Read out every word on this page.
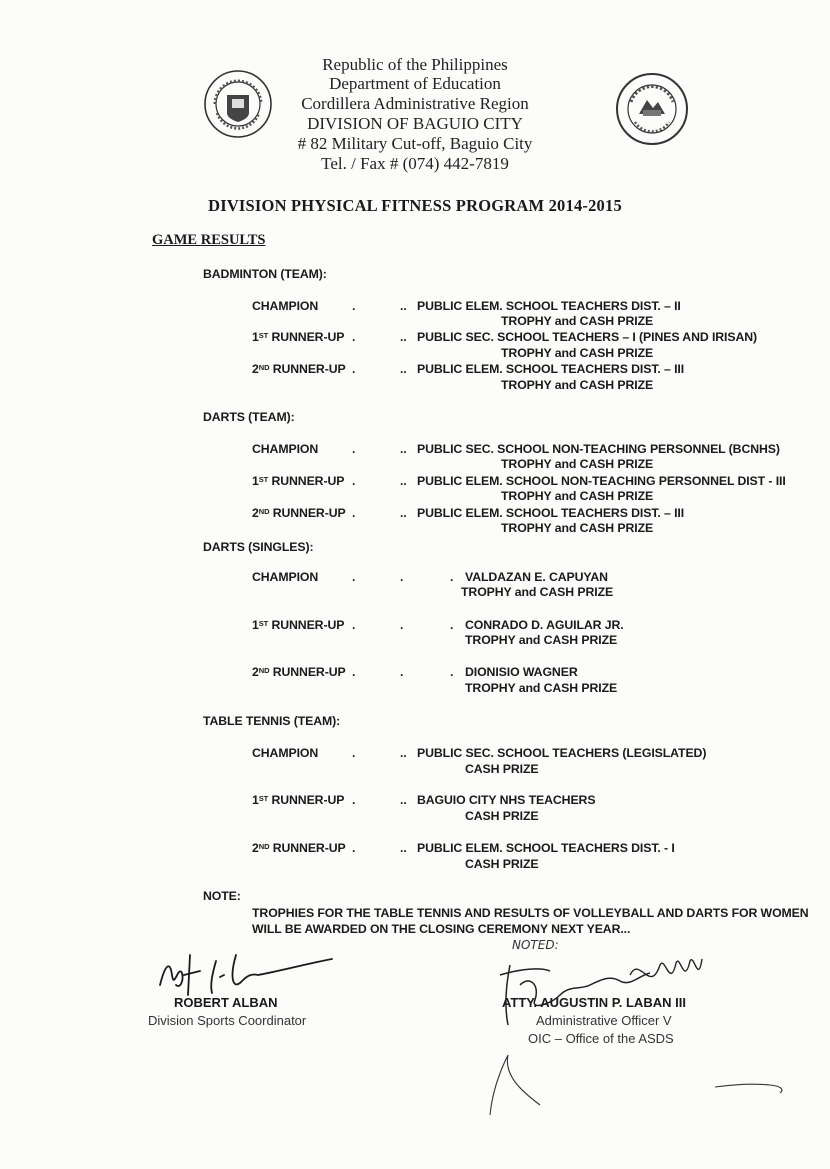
Republic of the Philippines
Department of Education
Cordillera Administrative Region
DIVISION OF BAGUIO CITY
# 82 Military Cut-off, Baguio City
Tel. / Fax # (074) 442-7819
DIVISION PHYSICAL FITNESS PROGRAM 2014-2015
GAME RESULTS
BADMINTON (TEAM):
CHAMPION	.	.. PUBLIC ELEM. SCHOOL TEACHERS DIST. – II
TROPHY and CASH PRIZE
1ST RUNNER-UP .	.. PUBLIC SEC. SCHOOL TEACHERS – I (PINES AND IRISAN)
TROPHY and CASH PRIZE
2ND RUNNER-UP .	.. PUBLIC ELEM. SCHOOL TEACHERS DIST. – III
TROPHY and CASH PRIZE
DARTS (TEAM):
CHAMPION	.	.. PUBLIC SEC. SCHOOL NON-TEACHING PERSONNEL (BCNHS)
TROPHY and CASH PRIZE
1ST RUNNER-UP .	.. PUBLIC ELEM. SCHOOL NON-TEACHING PERSONNEL DIST - III
TROPHY and CASH PRIZE
2ND RUNNER-UP .	.. PUBLIC ELEM. SCHOOL TEACHERS DIST. – III
TROPHY and CASH PRIZE
DARTS (SINGLES):
CHAMPION	.	.	. VALDAZAN E. CAPUYAN
TROPHY and CASH PRIZE
1ST RUNNER-UP .	.	. CONRADO D. AGUILAR JR.
TROPHY and CASH PRIZE
2ND RUNNER-UP .	.	. DIONISIO WAGNER
TROPHY and CASH PRIZE
TABLE TENNIS (TEAM):
CHAMPION	.	.. PUBLIC SEC. SCHOOL TEACHERS (LEGISLATED)
CASH PRIZE
1ST RUNNER-UP .	.. BAGUIO CITY NHS TEACHERS
CASH PRIZE
2ND RUNNER-UP .	.. PUBLIC ELEM. SCHOOL TEACHERS DIST. - I
CASH PRIZE
NOTE:
TROPHIES FOR THE TABLE TENNIS AND RESULTS OF VOLLEYBALL AND DARTS FOR WOMEN
WILL BE AWARDED ON THE CLOSING CEREMONY NEXT YEAR...
ROBERT ALBAN
Division Sports Coordinator
NOTED:
ATTY. AUGUSTIN P. LABAN III
Administrative Officer V
OIC – Office of the ASDS
